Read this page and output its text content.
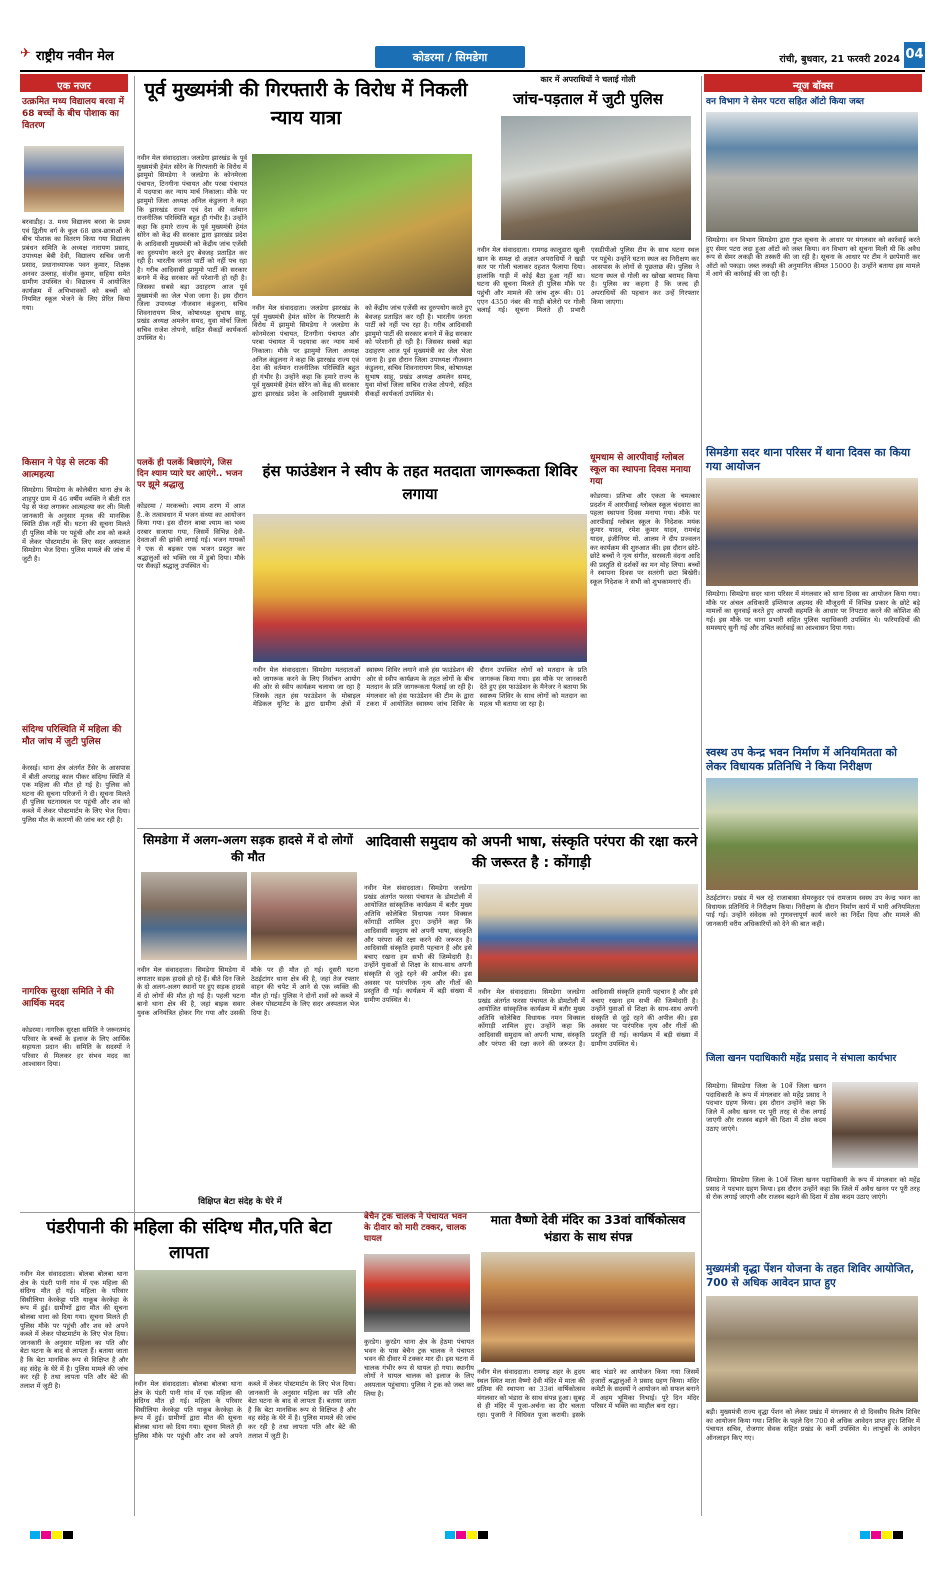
✈ राष्ट्रीय नवीन मेल	कोडरमा / सिमडेगा	रांची, बुधवार, 21 फरवरी 2024 04
एक नजर
उत्क्रमित मध्य विद्यालय बरवा में 68 बच्चों के बीच पोशाक का वितरण
बरवाडीह। उ. मध्य विद्यालय बरवा के प्रथम एवं द्वितीय वर्ग के कुल 68 छात्र-छात्राओं के बीच पोशाक का वितरण किया गया विद्यालय प्रबंधन समिति के अध्यक्ष नारायण प्रसाद, उपाध्यक्ष बेबी देवी, विद्यालय सचिव जानी प्रसाद, प्रधानाध्यापक पवन कुमार, शिक्षक अनवर उल्लाह, संजीव कुमार, सहिया समेत ग्रामीण उपस्थित थे। विद्यालय में आयोजित कार्यक्रम में अभिभावकों को बच्चों को नियमित स्कूल भेजने के लिए प्रेरित किया गया।
किसान ने पेड़ से लटक की आत्महत्या
सिमडेगा। सिमडेगा के कोलेबीरा थाना क्षेत्र के शाहपुर ग्राम में 46 वर्षीय व्यक्ति ने बीती रात पेड़ से फंदा लगाकर आत्महत्या कर ली। मिली जानकारी के अनुसार मृतक की मानसिक स्थिति ठीक नहीं थी। घटना की सूचना मिलते ही पुलिस मौके पर पहुंची और शव को कब्जे में लेकर पोस्टमार्टम के लिए सदर अस्पताल सिमडेगा भेज दिया। पुलिस मामले की जांच में जुटी है।
संदिग्ध परिस्थिति में महिला की मौत जांच में जुटी पुलिस
केरसई। थाना क्षेत्र अंतर्गत टैंसेर के आसपास में बीती अपराह्न काल पीकर संदिग्ध स्थिति में एक महिला की मौत हो गई है। पुलिस को घटना की सूचना परिजनों ने दी। सूचना मिलते ही पुलिस घटनास्थल पर पहुंची और शव को कब्जे में लेकर पोस्टमार्टम के लिए भेज दिया। पुलिस मौत के कारणों की जांच कर रही है।
नागरिक सुरक्षा समिति ने की आर्थिक मदद
कोडरमा। नागरिक सुरक्षा समिति ने जरूरतमंद परिवार के बच्चों के इलाज के लिए आर्थिक सहायता प्रदान की। समिति के सदस्यों ने परिवार से मिलकर हर संभव मदद का आश्वासन दिया।
पूर्व मुख्यमंत्री की गिरफ्तारी के विरोध में निकली न्याय यात्रा
नवीन मेल संवाददाता। जलडेगा झारखंड के पूर्व मुख्यमंत्री हेमंत सोरेन के गिरफ्तारी के विरोध में झामुमो सिमडेगा ने जलडेगा के कोनमेरला पंचायत, टिनगीना पंचायत और परबा पंचायत में पदयात्रा कर न्याय मार्च निकाला। मौके पर झामुमो जिला अध्यक्ष अनिल कंडुलना ने कहा कि झारखंड राज्य एवं देश की वर्तमान राजनीतिक परिस्थिति बहुत ही गंभीर है। उन्होंने कहा कि हमारे राज्य के पूर्व मुख्यमंत्री हेमंत सोरेन को केंद्र की सरकार द्वारा झारखंड प्रदेश के आदिवासी मुख्यमंत्री को केंद्रीय जांच एजेंसी का दुरुपयोग करते हुए बेवजह प्रताड़ित कर रही है। भारतीय जनता पार्टी को नहीं पच रहा है। गरीब आदिवासी झामुमो पार्टी की सरकार बनाने में केंद्र सरकार को परेशानी हो रही है। जिसका सबसे बड़ा उदाहरण आज पूर्व मुख्यमंत्री का जेल भेजा जाना है। इस दौरान जिला उपाध्यक्ष नौजवान कंडुलना, सचिव शिवनारायण मिश्र, कोषाध्यक्ष सुभाष साहू, प्रखंड अध्यक्ष अमलेन समद, युवा मोर्चा जिला सचिव राजेश तोपनो, सहित सैकड़ों कार्यकर्ता उपस्थित थे।
नवीन मेल संवाददाता। जलडेगा झारखंड के पूर्व मुख्यमंत्री हेमंत सोरेन के गिरफ्तारी के विरोध में झामुमो सिमडेगा ने जलडेगा के कोनमेरला पंचायत, टिनगीना पंचायत और परबा पंचायत में पदयात्रा कर न्याय मार्च निकाला। मौके पर झामुमो जिला अध्यक्ष अनिल कंडुलना ने कहा कि झारखंड राज्य एवं देश की वर्तमान राजनीतिक परिस्थिति बहुत ही गंभीर है। उन्होंने कहा कि हमारे राज्य के पूर्व मुख्यमंत्री हेमंत सोरेन को केंद्र की सरकार द्वारा झारखंड प्रदेश के आदिवासी मुख्यमंत्री को केंद्रीय जांच एजेंसी का दुरुपयोग करते हुए बेवजह प्रताड़ित कर रही है। भारतीय जनता पार्टी को नहीं पच रहा है। गरीब आदिवासी झामुमो पार्टी की सरकार बनाने में केंद्र सरकार को परेशानी हो रही है। जिसका सबसे बड़ा उदाहरण आज पूर्व मुख्यमंत्री का जेल भेजा जाना है। इस दौरान जिला उपाध्यक्ष नौजवान कंडुलना, सचिव शिवनारायण मिश्र, कोषाध्यक्ष सुभाष साहू, प्रखंड अध्यक्ष अमलेन समद, युवा मोर्चा जिला सचिव राजेश तोपनो, सहित सैकड़ों कार्यकर्ता उपस्थित थे।
कार में अपराधियों ने चलाई गोली
जांच-पड़ताल में जुटी पुलिस
नवीन मेल संवाददाता। रामगढ़ कालूडारा खुली खान के समक्ष दो अज्ञात अपराधियों ने खड़ी कार पर गोली चलाकर दहशत फैलाया दिया। हालांकि गाड़ी में कोई बैठा हुआ नहीं था। घटना की सूचना मिलते ही पुलिस मौके पर पहुंची और मामले की जांच शुरू की। 01 एएन 4350 नंबर की गाड़ी बोलेरो पर गोली चलाई गई। सूचना मिलते ही प्रभारी एसडीपीओ पुलिस टीम के साथ घटना स्थल पर पहुंचे। उन्होंने घटना स्थल का निरीक्षण कर आसपास के लोगों से पूछताछ की। पुलिस ने घटना स्थल से गोली का खोखा बरामद किया है। पुलिस का कहना है कि जल्द ही अपराधियों की पहचान कर उन्हें गिरफ्तार किया जाएगा।
न्यूज बॉक्स
वन विभाग ने सेमर पटरा सहित ऑटो किया जब्त
सिमडेगा। वन विभाग सिमडेगा द्वारा गुप्त सूचना के आधार पर मंगलवार को कार्रवाई करते हुए सेमर पटरा लदा हुआ ऑटो को जब्त किया। वन विभाग को सूचना मिली थी कि अवैध रूप से सेमर लकड़ी की तस्करी की जा रही है। सूचना के आधार पर टीम ने छापेमारी कर ऑटो को पकड़ा। जब्त लकड़ी की अनुमानित कीमत 15000 है। उन्होंने बताया इस मामले में आगे की कार्रवाई की जा रही है।
सिमडेगा सदर थाना परिसर में थाना दिवस का किया गया आयोजन
सिमडेगा। सिमडेगा सदर थाना परिसर में मंगलवार को थाना दिवस का आयोजन किया गया। मौके पर अंचल अधिकारी इम्तियाज अहमद की मौजूदगी में विभिन्न प्रकार के छोटे बड़े मामलों का सुनवाई करते हुए आपसी सहमति के आधार पर निपटारा करने की कोशिश की गई। इस मौके पर थाना प्रभारी सहित पुलिस पदाधिकारी उपस्थित थे। फरियादियों की समस्याएं सुनी गई और उचित कार्रवाई का आश्वासन दिया गया।
स्वस्थ उप केन्द्र भवन निर्माण में अनियमितता को लेकर विधायक प्रतिनिधि ने किया निरीक्षण
ठेठईटांगर। प्रखंड में चल रहे राजाबासा सेमरकुदर एवं रामजाम स्वस्थ उप केन्द्र भवन का विधायक प्रतिनिधि ने निरीक्षण किया। निरीक्षण के दौरान निर्माण कार्य में भारी अनियमितता पाई गई। उन्होंने संवेदक को गुणवत्तापूर्ण कार्य करने का निर्देश दिया और मामले की जानकारी वरीय अधिकारियों को देने की बात कही।
जिला खनन पदाधिकारी महेंद्र प्रसाद ने संभाला कार्यभार
सिमडेगा। सिमडेगा जिला के 10वें जिला खनन पदाधिकारी के रूप में मंगलवार को महेंद्र प्रसाद ने पदभार ग्रहण किया। इस दौरान उन्होंने कहा कि जिले में अवैध खनन पर पूरी तरह से रोक लगाई जाएगी और राजस्व बढ़ाने की दिशा में ठोस कदम उठाए जाएंगे।
सिमडेगा। सिमडेगा जिला के 10वें जिला खनन पदाधिकारी के रूप में मंगलवार को महेंद्र प्रसाद ने पदभार ग्रहण किया। इस दौरान उन्होंने कहा कि जिले में अवैध खनन पर पूरी तरह से रोक लगाई जाएगी और राजस्व बढ़ाने की दिशा में ठोस कदम उठाए जाएंगे।
मुख्यमंत्री वृद्धा पेंशन योजना के तहत शिविर आयोजित, 700 से अधिक आवेदन प्राप्त हुए
बड़ी। मुख्यमंत्री राज्य वृद्धा पेंशन को लेकर प्रखंड में मंगलवार से दो दिवसीय विशेष शिविर का आयोजन किया गया। शिविर के पहले दिन 700 से अधिक आवेदन प्राप्त हुए। शिविर में पंचायत सचिव, रोजगार सेवक सहित प्रखंड के कर्मी उपस्थित थे। लाभुकों के आवेदन ऑनलाइन किए गए।
पलकें ही पलकें बिछाएंगे, जिस दिन श्याम प्यारे घर आएंगे.. भजन पर झूमे श्रद्धालु
कोडरमा / मरकच्चो। श्याम शरण में आज है..के तत्वावधान में भजन संध्या का आयोजन किया गया। इस दौरान बाबा श्याम का भव्य दरबार सजाया गया, जिसमें विभिन्न देवी-देवताओं की झांकी लगाई गई। भजन गायकों ने एक से बढ़कर एक भजन प्रस्तुत कर श्रद्धालुओं को भक्ति रस में डुबो दिया। मौके पर सैकड़ों श्रद्धालु उपस्थित थे।
हंस फाउंडेशन ने स्वीप के तहत मतदाता जागरूकता शिविर लगाया
नवीन मेल संवाददाता। सिमडेगा मतदाताओं को जागरूक करने के लिए निर्वाचन आयोग की ओर से स्वीप कार्यक्रम चलाया जा रहा है जिसके तहत हंस फाउंडेशन के मोबाइल मेडिकल यूनिट के द्वारा ग्रामीण क्षेत्रों में स्वास्थ्य शिविर लगाने वाले हंस फाउंडेशन की ओर से स्वीप कार्यक्रम के तहत लोगों के बीच मतदान के प्रति जागरूकता फैलाई जा रही है। मंगलवार को हंस फाउंडेशन की टीम के द्वारा टकरा में आयोजित स्वास्थ्य जांच शिविर के दौरान उपस्थित लोगों को मतदान के प्रति जागरूक किया गया। इस मौके पर जानकारी देते हुए हंस फाउंडेशन के मैनेजर ने बताया कि स्वास्थ्य शिविर के साथ लोगों को मतदान का महत्व भी बताया जा रहा है।
धूमधाम से आरपीवाई ग्लोबल स्कूल का स्थापना दिवस मनाया गया
कोडरमा। प्रतिभा और एकता के चमत्कार प्रदर्शन में आरपीवाई ग्लोबल स्कूल चंदवारा का पहला स्थापना दिवस मनाया गया। मौके पर आरपीवाई ग्लोबल स्कूल के निदेशक मयंक कुमार यादव, रमेश कुमार यादव, रामचंद्र यादव, इंजीनियर मो. आलम ने दीप प्रज्वलन कर कार्यक्रम की शुरुआत की। इस दौरान छोटे-छोटे बच्चों ने नृत्य संगीत, सरस्वती वंदना आदि की प्रस्तुति से दर्शकों का मन मोह लिया। बच्चों ने स्थापना दिवस पर सतरंगी छटा बिखेरी। स्कूल निदेशक ने सभी को शुभकामनाएं दीं।
सिमडेगा में अलग-अलग सड़क हादसे में दो लोगों की मौत
नवीन मेल संवाददाता। सिमडेगा सिमडेगा में लगातार सड़क हादसे हो रहे हैं। बीते दिन जिले के दो अलग-अलग स्थानों पर हुए सड़क हादसे में दो लोगों की मौत हो गई है। पहली घटना बानो थाना क्षेत्र की है, जहां बाइक सवार युवक अनियंत्रित होकर गिर गया और उसकी मौके पर ही मौत हो गई। दूसरी घटना ठेठईटांगर थाना क्षेत्र की है, जहां तेज रफ्तार वाहन की चपेट में आने से एक व्यक्ति की मौत हो गई। पुलिस ने दोनों शवों को कब्जे में लेकर पोस्टमार्टम के लिए सदर अस्पताल भेज दिया है।
आदिवासी समुदाय को अपनी भाषा, संस्कृति परंपरा की रक्षा करने की जरूरत है : कोंगाड़ी
नवीन मेल संवाददाता। सिमडेगा जलडेगा प्रखंड अंतर्गत फरसा पंचायत के डोमटोली में आयोजित सांस्कृतिक कार्यक्रम में बतौर मुख्य अतिथि कोलेबिरा विधायक नमन विक्सल कोंगाड़ी शामिल हुए। उन्होंने कहा कि आदिवासी समुदाय को अपनी भाषा, संस्कृति और परंपरा की रक्षा करने की जरूरत है। आदिवासी संस्कृति हमारी पहचान है और इसे बचाए रखना हम सभी की जिम्मेदारी है। उन्होंने युवाओं से शिक्षा के साथ-साथ अपनी संस्कृति से जुड़े रहने की अपील की। इस अवसर पर पारंपरिक नृत्य और गीतों की प्रस्तुति दी गई। कार्यक्रम में बड़ी संख्या में ग्रामीण उपस्थित थे।
नवीन मेल संवाददाता। सिमडेगा जलडेगा प्रखंड अंतर्गत फरसा पंचायत के डोमटोली में आयोजित सांस्कृतिक कार्यक्रम में बतौर मुख्य अतिथि कोलेबिरा विधायक नमन विक्सल कोंगाड़ी शामिल हुए। उन्होंने कहा कि आदिवासी समुदाय को अपनी भाषा, संस्कृति और परंपरा की रक्षा करने की जरूरत है। आदिवासी संस्कृति हमारी पहचान है और इसे बचाए रखना हम सभी की जिम्मेदारी है। उन्होंने युवाओं से शिक्षा के साथ-साथ अपनी संस्कृति से जुड़े रहने की अपील की। इस अवसर पर पारंपरिक नृत्य और गीतों की प्रस्तुति दी गई। कार्यक्रम में बड़ी संख्या में ग्रामीण उपस्थित थे।
विक्षिप्त बेटा संदेह के घेरे में
पंडरीपानी की महिला की संदिग्ध मौत,पति बेटा लापता
नवीन मेल संवाददाता। बोलबा बोलबा थाना क्षेत्र के पंडरी पानी गांव में एक महिला की संदिग्ध मौत हो गई। महिला के परिवार सिसीलिया केरकेट्टा पति याकूब केरकेट्टा के रूप में हुई। ग्रामीणों द्वारा मौत की सूचना बोलबा थाना को दिया गया। सूचना मिलते ही पुलिस मौके पर पहुंची और शव को अपने कब्जे में लेकर पोस्टमार्टम के लिए भेज दिया। जानकारी के अनुसार महिला का पति और बेटा घटना के बाद से लापता हैं। बताया जाता है कि बेटा मानसिक रूप से विक्षिप्त है और वह संदेह के घेरे में है। पुलिस मामले की जांच कर रही है तथा लापता पति और बेटे की तलाश में जुटी है।	नवीन मेल संवाददाता। बोलबा बोलबा थाना क्षेत्र के पंडरी पानी गांव में एक महिला की संदिग्ध मौत हो गई। महिला के परिवार सिसीलिया केरकेट्टा पति याकूब केरकेट्टा के रूप में हुई। ग्रामीणों द्वारा मौत की सूचना बोलबा थाना को दिया गया। सूचना मिलते ही पुलिस मौके पर पहुंची और शव को अपने कब्जे में लेकर पोस्टमार्टम के लिए भेज दिया। जानकारी के अनुसार महिला का पति और बेटा घटना के बाद से लापता हैं। बताया जाता है कि बेटा मानसिक रूप से विक्षिप्त है और वह संदेह के घेरे में है। पुलिस मामले की जांच कर रही है तथा लापता पति और बेटे की तलाश में जुटी है।
बेचैन ट्रक चालक ने पंचायत भवन के दीवार को मारी टक्कर, चालक घायल
कुरडेग। कुरडेग थाना क्षेत्र के हेठमा पंचायत भवन के पास बेचैन ट्रक चालक ने पंचायत भवन की दीवार में टक्कर मार दी। इस घटना में चालक गंभीर रूप से घायल हो गया। स्थानीय लोगों ने घायल चालक को इलाज के लिए अस्पताल पहुंचाया। पुलिस ने ट्रक को जब्त कर लिया है।
माता वैष्णो देवी मंदिर का 33वां वार्षिकोत्सव भंडारा के साथ संपन्न
नवीन मेल संवाददाता। रामगढ़ शहर के हृदय स्थल स्थित माता वैष्णो देवी मंदिर में माता की प्रतिमा की स्थापना का 33वां वार्षिकोत्सव मंगलवार को भंडारा के साथ संपन्न हुआ। सुबह से ही मंदिर में पूजा-अर्चना का दौर चलता रहा। पुजारी ने विधिवत पूजा करायी। इसके बाद भंडारे का आयोजन किया गया जिसमें हजारों श्रद्धालुओं ने प्रसाद ग्रहण किया। मंदिर कमेटी के सदस्यों ने आयोजन को सफल बनाने में अहम भूमिका निभाई। पूरे दिन मंदिर परिसर में भक्ति का माहौल बना रहा।
